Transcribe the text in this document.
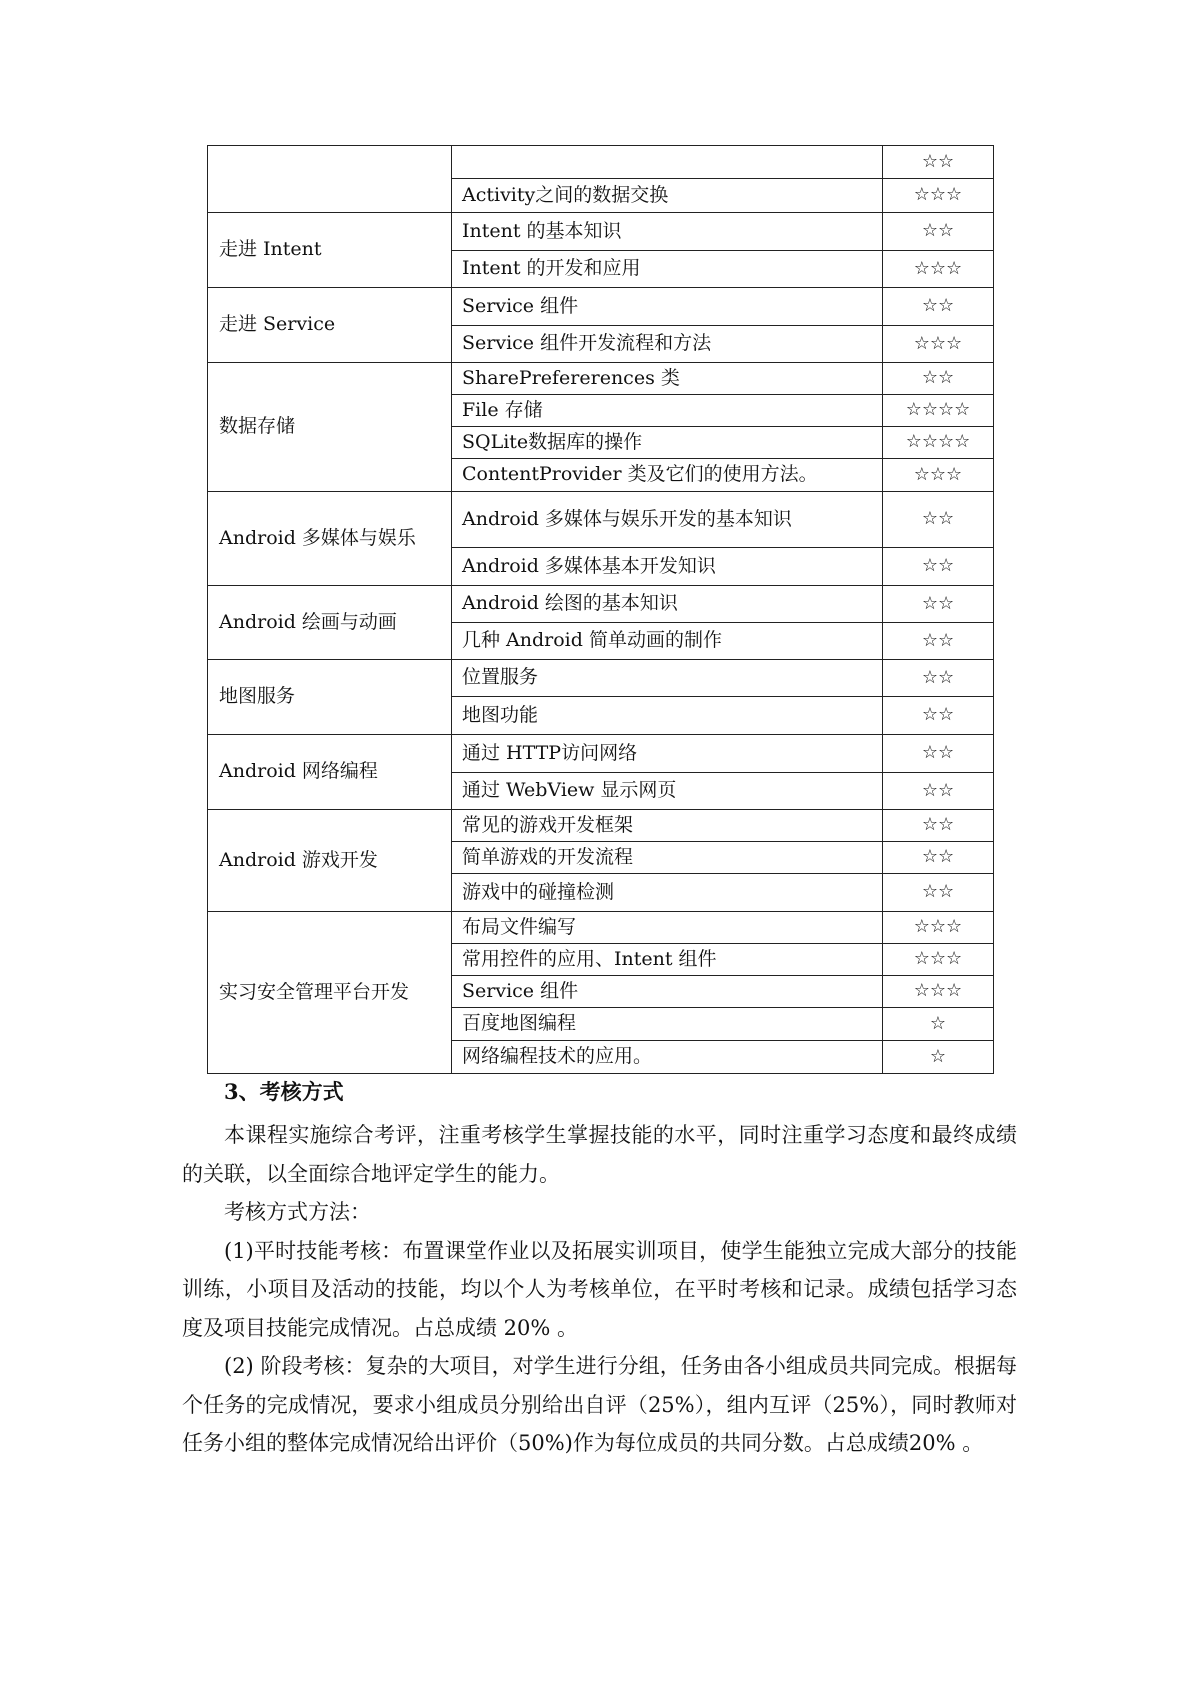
		☆☆
	Activity之间的数据交换	☆☆☆
走进 Intent	Intent 的基本知识	☆☆
	Intent 的开发和应用	☆☆☆
走进 Service	Service 组件	☆☆
	Service 组件开发流程和方法	☆☆☆
数据存储	SharePrefererences 类	☆☆
	File 存储	☆☆☆☆
	SQLite数据库的操作	☆☆☆☆
	ContentProvider 类及它们的使用方法。	☆☆☆
Android 多媒体与娱乐	Android 多媒体与娱乐开发的基本知识	☆☆
	Android 多媒体基本开发知识	☆☆
Android 绘画与动画	Android 绘图的基本知识	☆☆
	几种 Android 简单动画的制作	☆☆
地图服务	位置服务	☆☆
	地图功能	☆☆
Android 网络编程	通过 HTTP访问网络	☆☆
	通过 WebView 显示网页	☆☆
Android 游戏开发	常见的游戏开发框架	☆☆
	简单游戏的开发流程	☆☆
	游戏中的碰撞检测	☆☆
实习安全管理平台开发	布局文件编写	☆☆☆
	常用控件的应用、Intent 组件	☆☆☆
	Service 组件	☆☆☆
	百度地图编程	☆
	网络编程技术的应用。	☆
3、考核方式

本课程实施综合考评，注重考核学生掌握技能的水平，同时注重学习态度和最终成绩的关联，以全面综合地评定学生的能力。

考核方式方法：

(1)平时技能考核：布置课堂作业以及拓展实训项目，使学生能独立完成大部分的技能训练，小项目及活动的技能，均以个人为考核单位，在平时考核和记录。成绩包括学习态度及项目技能完成情况。占总成绩 20% 。

(2) 阶段考核：复杂的大项目，对学生进行分组，任务由各小组成员共同完成。根据每个任务的完成情况，要求小组成员分别给出自评（25%），组内互评（25%），同时教师对任务小组的整体完成情况给出评价（50%)作为每位成员的共同分数。占总成绩20% 。
